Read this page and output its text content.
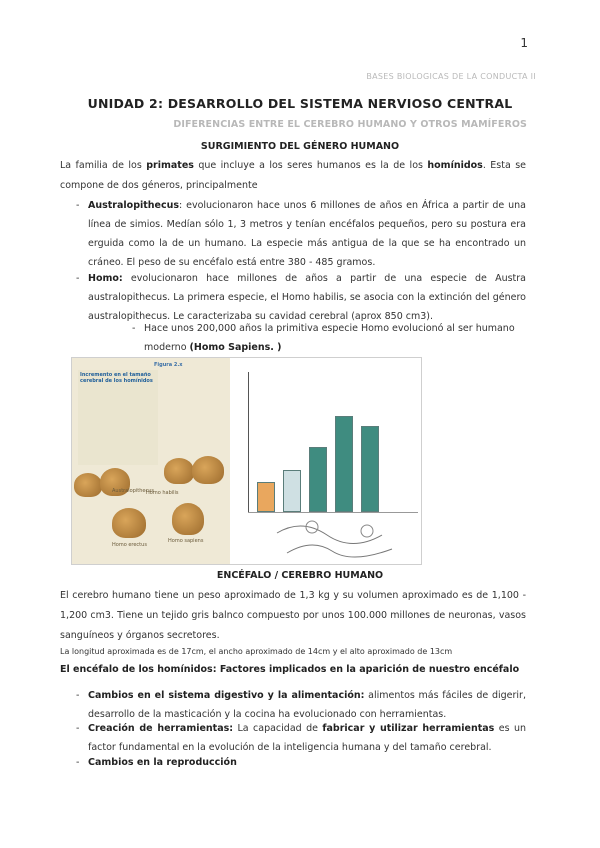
1
BASES BIOLOGICAS DE LA CONDUCTA II
UNIDAD 2: DESARROLLO DEL SISTEMA NERVIOSO CENTRAL
DIFERENCIAS ENTRE EL CEREBRO HUMANO Y OTROS MAMÍFEROS
SURGIMIENTO DEL GÉNERO HUMANO
La familia de los primates que incluye a los seres humanos es la de los homínidos. Esta se compone de dos géneros, principalmente
- Australopithecus: evolucionaron hace unos 6 millones de años en África a partir de una línea de simios. Medían sólo 1, 3 metros y tenían encéfalos pequeños, pero su postura era erguida como la de un humano. La especie más antigua de la que se ha encontrado un cráneo. El peso de su encéfalo está entre 380 - 485 gramos.
- Homo: evolucionaron hace millones de años a partir de una especie de Austra australopithecus. La primera especie, el Homo habilis, se asocia con la extinción del género australopithecus. Le caracterizaba su cavidad cerebral (aprox 850 cm3).
- Hace unos 200,000 años la primitiva especie Homo evolucionó al ser humano moderno (Homo Sapiens. )
Figura 2.x
Incremento en el tamaño cerebral de los homínidos
Australopithecus
Homo habilis
Homo erectus
Homo sapiens
ENCÉFALO / CEREBRO HUMANO
El cerebro humano tiene un peso aproximado de 1,3 kg y su volumen aproximado es de 1,100 - 1,200 cm3. Tiene un tejido gris balnco compuesto por unos 100.000 millones de neuronas, vasos sanguíneos y órganos secretores.
La longitud aproximada es de 17cm, el ancho aproximado de 14cm y el alto aproximado de 13cm
El encéfalo de los homínidos: Factores implicados en la aparición de nuestro encéfalo
- Cambios en el sistema digestivo y la alimentación: alimentos más fáciles de digerir, desarrollo de la masticación y la cocina ha evolucionado con herramientas.
- Creación de herramientas: La capacidad de fabricar y utilizar herramientas es un factor fundamental en la evolución de la inteligencia humana y del tamaño cerebral.
- Cambios en la reproducción
